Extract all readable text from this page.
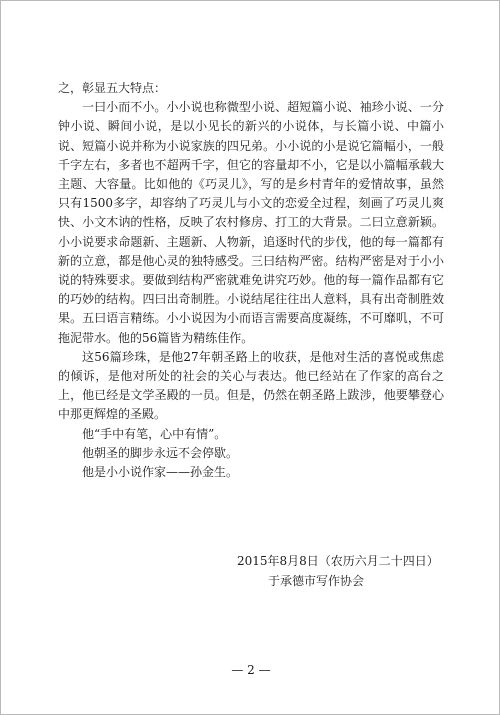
之，彰显五大特点：

一曰小而不小。小小说也称微型小说、超短篇小说、袖珍小说、一分钟小说、瞬间小说，是以小见长的新兴的小说体，与长篇小说、中篇小说、短篇小说并称为小说家族的四兄弟。小小说的小是说它篇幅小，一般千字左右，多者也不超两千字，但它的容量却不小，它是以小篇幅承载大主题、大容量。比如他的《巧灵儿》，写的是乡村青年的爱情故事，虽然只有1500多字，却容纳了巧灵儿与小文的恋爱全过程，刻画了巧灵儿爽快、小文木讷的性格，反映了农村修房、打工的大背景。二曰立意新颖。小小说要求命题新、主题新、人物新，追逐时代的步伐，他的每一篇都有新的立意，都是他心灵的独特感受。三曰结构严密。结构严密是对于小小说的特殊要求。要做到结构严密就难免讲究巧妙。他的每一篇作品都有它的巧妙的结构。四曰出奇制胜。小说结尾往往出人意料，具有出奇制胜效果。五曰语言精练。小小说因为小而语言需要高度凝练，不可靡叽，不可拖泥带水。他的56篇皆为精练佳作。

这56篇珍珠，是他27年朝圣路上的收获，是他对生活的喜悦或焦虑的倾诉，是他对所处的社会的关心与表达。他已经站在了作家的高台之上，他已经是文学圣殿的一员。但是，仍然在朝圣路上跋涉，他要攀登心中那更辉煌的圣殿。

他“手中有笔，心中有情”。

他朝圣的脚步永远不会停歇。

他是小小说作家——孙金生。

2015年8月8日（农历六月二十四日）
于承德市写作协会
— 2 —
